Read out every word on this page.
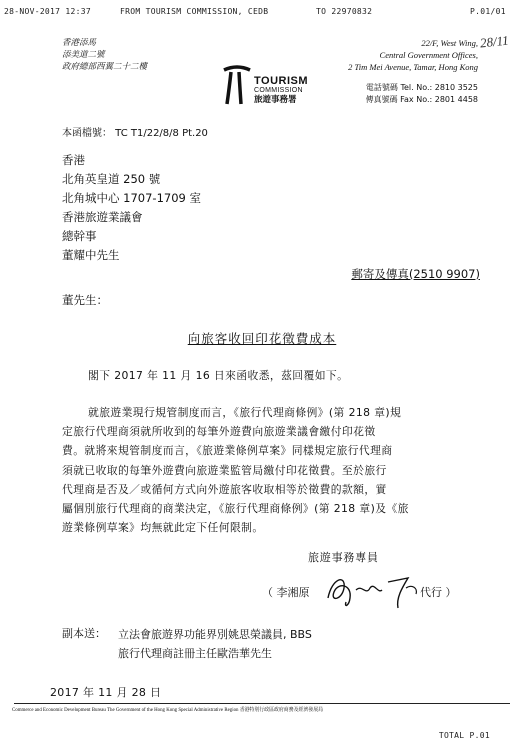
28-NOV-2017 12:37	FROM TOURISM COMMISSION, CEDB	TO 22970832	P.01/01
28/11
香港添馬
添美道二號
政府總部西翼二十二樓
22/F, West Wing,
Central Government Offices,
2 Tim Mei Avenue, Tamar, Hong Kong
TOURISM
COMMISSION
旅遊事務署
電話號碼 Tel. No.: 2810 3525
傳真號碼 Fax No.: 2801 4458
本函檔號： TC T1/22/8/8 Pt.20
香港
北角英皇道 250 號
北角城中心 1707-1709 室
香港旅遊業議會
總幹事
董耀中先生
郵寄及傳真(2510 9907)
董先生：
向旅客收回印花徵費成本
閣下 2017 年 11 月 16 日來函收悉，茲回覆如下。
就旅遊業現行規管制度而言，《旅行代理商條例》(第 218 章)規
定旅行代理商須就所收到的每筆外遊費向旅遊業議會繳付印花徵
費。就將來規管制度而言，《旅遊業條例草案》同樣規定旅行代理商
須就已收取的每筆外遊費向旅遊業監管局繳付印花徵費。至於旅行
代理商是否及／或循何方式向外遊旅客收取相等於徵費的款額，實
屬個別旅行代理商的商業決定，《旅行代理商條例》(第 218 章)及《旅
遊業條例草案》均無就此定下任何限制。
旅遊事務專員
（ 李湘原	代行 ）
副本送： 立法會旅遊界功能界別姚思榮議員, BBS
旅行代理商註冊主任歐浩華先生
2017 年 11 月 28 日
Commerce and Economic Development Bureau The Government of the Hong Kong Special Administrative Region 香港特別行政區政府商務及經濟發展局
TOTAL P.01
